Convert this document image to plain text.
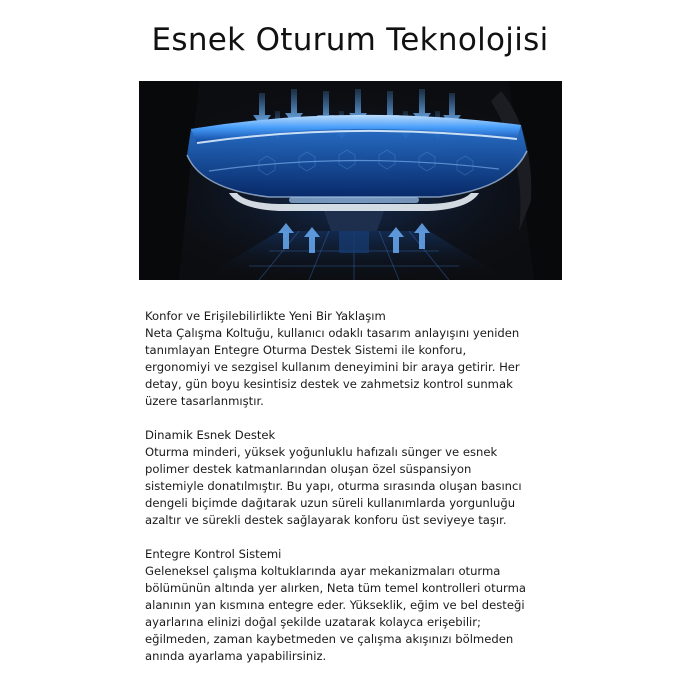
Esnek Oturum Teknolojisi
Konfor ve Erişilebilirlikte Yeni Bir Yaklaşım
Neta Çalışma Koltuğu, kullanıcı odaklı tasarım anlayışını yeniden
tanımlayan Entegre Oturma Destek Sistemi ile konforu,
ergonomiyi ve sezgisel kullanım deneyimini bir araya getirir. Her
detay, gün boyu kesintisiz destek ve zahmetsiz kontrol sunmak
üzere tasarlanmıştır.
Dinamik Esnek Destek
Oturma minderi, yüksek yoğunluklu hafızalı sünger ve esnek
polimer destek katmanlarından oluşan özel süspansiyon
sistemiyle donatılmıştır. Bu yapı, oturma sırasında oluşan basıncı
dengeli biçimde dağıtarak uzun süreli kullanımlarda yorgunluğu
azaltır ve sürekli destek sağlayarak konforu üst seviyeye taşır.
Entegre Kontrol Sistemi
Geleneksel çalışma koltuklarında ayar mekanizmaları oturma
bölümünün altında yer alırken, Neta tüm temel kontrolleri oturma
alanının yan kısmına entegre eder. Yükseklik, eğim ve bel desteği
ayarlarına elinizi doğal şekilde uzatarak kolayca erişebilir;
eğilmeden, zaman kaybetmeden ve çalışma akışınızı bölmeden
anında ayarlama yapabilirsiniz.
